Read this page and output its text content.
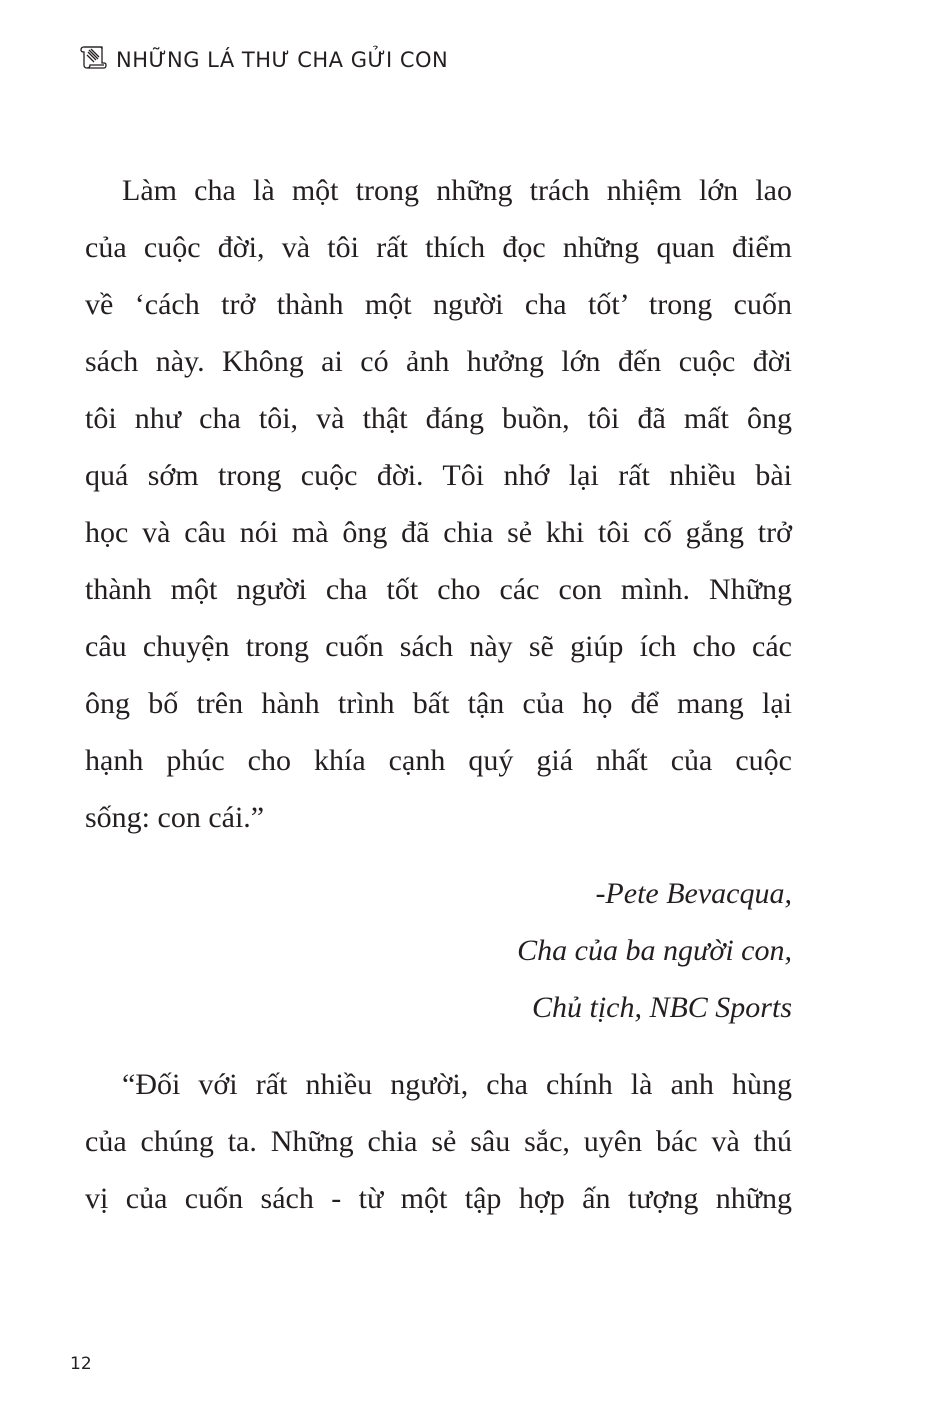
NHỮNG LÁ THƯ CHA GỬI CON
Làm cha là một trong những trách nhiệm lớn lao
của cuộc đời, và tôi rất thích đọc những quan điểm
về ‘cách trở thành một người cha tốt’ trong cuốn
sách này. Không ai có ảnh hưởng lớn đến cuộc đời
tôi như cha tôi, và thật đáng buồn, tôi đã mất ông
quá sớm trong cuộc đời. Tôi nhớ lại rất nhiều bài
học và câu nói mà ông đã chia sẻ khi tôi cố gắng trở
thành một người cha tốt cho các con mình. Những
câu chuyện trong cuốn sách này sẽ giúp ích cho các
ông bố trên hành trình bất tận của họ để mang lại
hạnh phúc cho khía cạnh quý giá nhất của cuộc
sống: con cái.”
-Pete Bevacqua,
Cha của ba người con,
Chủ tịch, NBC Sports
“Đối với rất nhiều người, cha chính là anh hùng
của chúng ta. Những chia sẻ sâu sắc, uyên bác và thú
vị của cuốn sách - từ một tập hợp ấn tượng những
12
